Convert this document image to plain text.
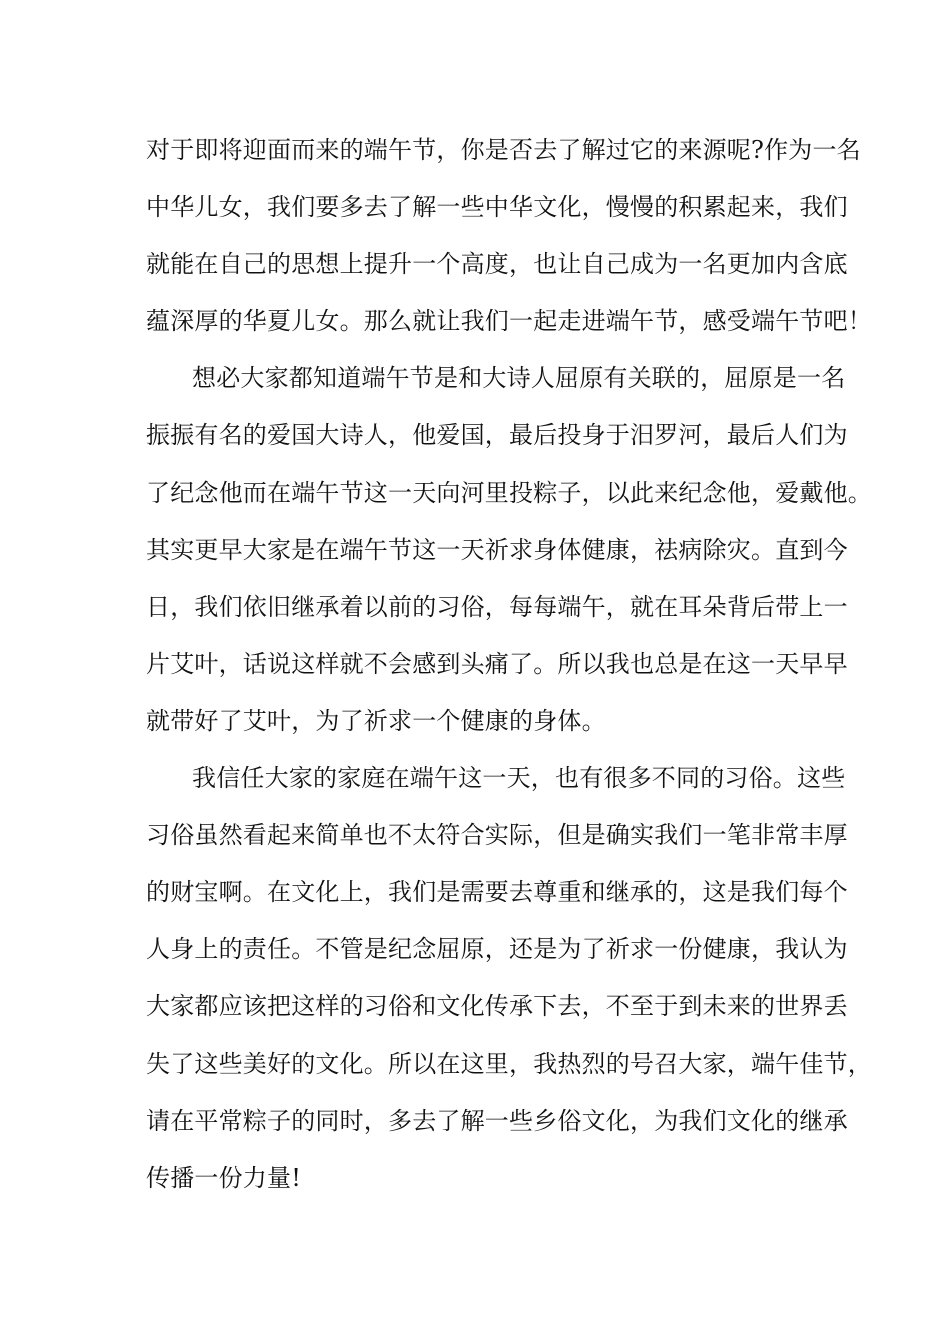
对于即将迎面而来的端午节，你是否去了解过它的来源呢?作为一名
中华儿女，我们要多去了解一些中华文化，慢慢的积累起来，我们
就能在自己的思想上提升一个高度，也让自己成为一名更加内含底
蕴深厚的华夏儿女。那么就让我们一起走进端午节，感受端午节吧！
想必大家都知道端午节是和大诗人屈原有关联的，屈原是一名
振振有名的爱国大诗人，他爱国，最后投身于汨罗河，最后人们为
了纪念他而在端午节这一天向河里投粽子，以此来纪念他，爱戴他。
其实更早大家是在端午节这一天祈求身体健康，祛病除灾。直到今
日，我们依旧继承着以前的习俗，每每端午，就在耳朵背后带上一
片艾叶，话说这样就不会感到头痛了。所以我也总是在这一天早早
就带好了艾叶，为了祈求一个健康的身体。
我信任大家的家庭在端午这一天，也有很多不同的习俗。这些
习俗虽然看起来简单也不太符合实际，但是确实我们一笔非常丰厚
的财宝啊。在文化上，我们是需要去尊重和继承的，这是我们每个
人身上的责任。不管是纪念屈原，还是为了祈求一份健康，我认为
大家都应该把这样的习俗和文化传承下去，不至于到未来的世界丢
失了这些美好的文化。所以在这里，我热烈的号召大家，端午佳节，
请在平常粽子的同时，多去了解一些乡俗文化，为我们文化的继承
传播一份力量!
